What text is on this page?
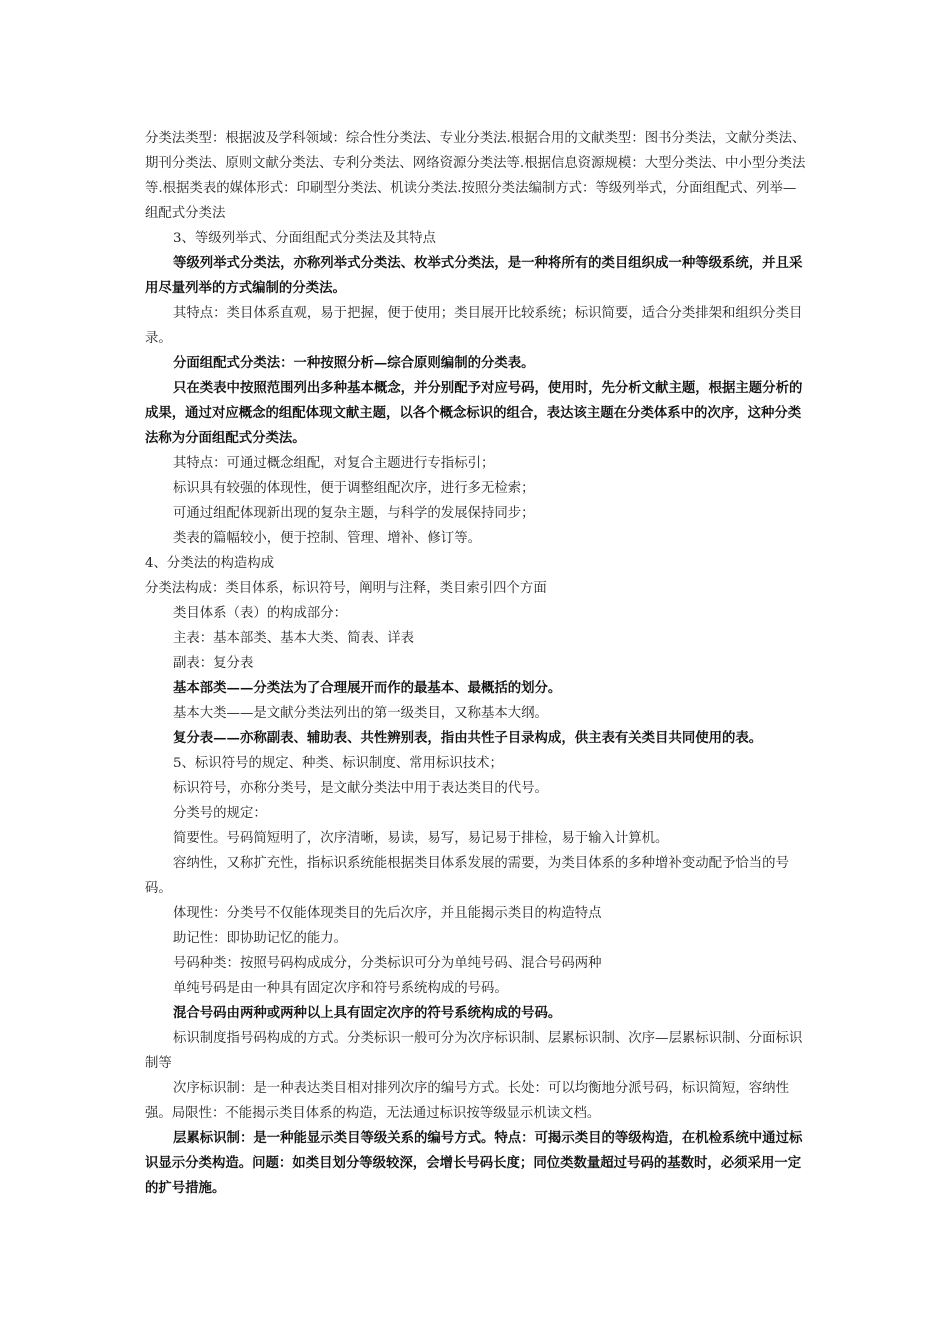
分类法类型：根据波及学科领域：综合性分类法、专业分类法.根据合用的文献类型：图书分类法，文献分类法、期刊分类法、原则文献分类法、专利分类法、网络资源分类法等.根据信息资源规模：大型分类法、中小型分类法等.根据类表的媒体形式：印刷型分类法、机读分类法.按照分类法编制方式：等级列举式，分面组配式、列举—组配式分类法

3、等级列举式、分面组配式分类法及其特点

等级列举式分类法，亦称列举式分类法、枚举式分类法，是一种将所有的类目组织成一种等级系统，并且采用尽量列举的方式编制的分类法。

其特点：类目体系直观，易于把握，便于使用；类目展开比较系统；标识简要，适合分类排架和组织分类目录。

分面组配式分类法：一种按照分析—综合原则编制的分类表。

只在类表中按照范围列出多种基本概念，并分别配予对应号码，使用时，先分析文献主题，根据主题分析的成果，通过对应概念的组配体现文献主题，以各个概念标识的组合，表达该主题在分类体系中的次序，这种分类法称为分面组配式分类法。

其特点：可通过概念组配，对复合主题进行专指标引；

标识具有较强的体现性，便于调整组配次序，进行多无检索；

可通过组配体现新出现的复杂主题，与科学的发展保持同步；

类表的篇幅较小，便于控制、管理、增补、修订等。

4、分类法的构造构成

分类法构成：类目体系，标识符号，阐明与注释，类目索引四个方面

类目体系（表）的构成部分：

主表：基本部类、基本大类、简表、详表

副表：复分表

基本部类——分类法为了合理展开而作的最基本、最概括的划分。

基本大类——是文献分类法列出的第一级类目，又称基本大纲。

复分表——亦称副表、辅助表、共性辨别表，指由共性子目录构成，供主表有关类目共同使用的表。

5、标识符号的规定、种类、标识制度、常用标识技术；

标识符号，亦称分类号，是文献分类法中用于表达类目的代号。

分类号的规定：

简要性。号码简短明了，次序清晰，易读，易写，易记易于排检，易于输入计算机。

容纳性，又称扩充性，指标识系统能根据类目体系发展的需要，为类目体系的多种增补变动配予恰当的号码。

体现性：分类号不仅能体现类目的先后次序，并且能揭示类目的构造特点

助记性：即协助记忆的能力。

号码种类：按照号码构成成分，分类标识可分为单纯号码、混合号码两种

单纯号码是由一种具有固定次序和符号系统构成的号码。

混合号码由两种或两种以上具有固定次序的符号系统构成的号码。

标识制度指号码构成的方式。分类标识一般可分为次序标识制、层累标识制、次序—层累标识制、分面标识制等

次序标识制：是一种表达类目相对排列次序的编号方式。长处：可以均衡地分派号码，标识简短，容纳性强。局限性：不能揭示类目体系的构造，无法通过标识按等级显示机读文档。

层累标识制：是一种能显示类目等级关系的编号方式。特点：可揭示类目的等级构造，在机检系统中通过标识显示分类构造。问题：如类目划分等级较深，会增长号码长度；同位类数量超过号码的基数时，必须采用一定的扩号措施。
